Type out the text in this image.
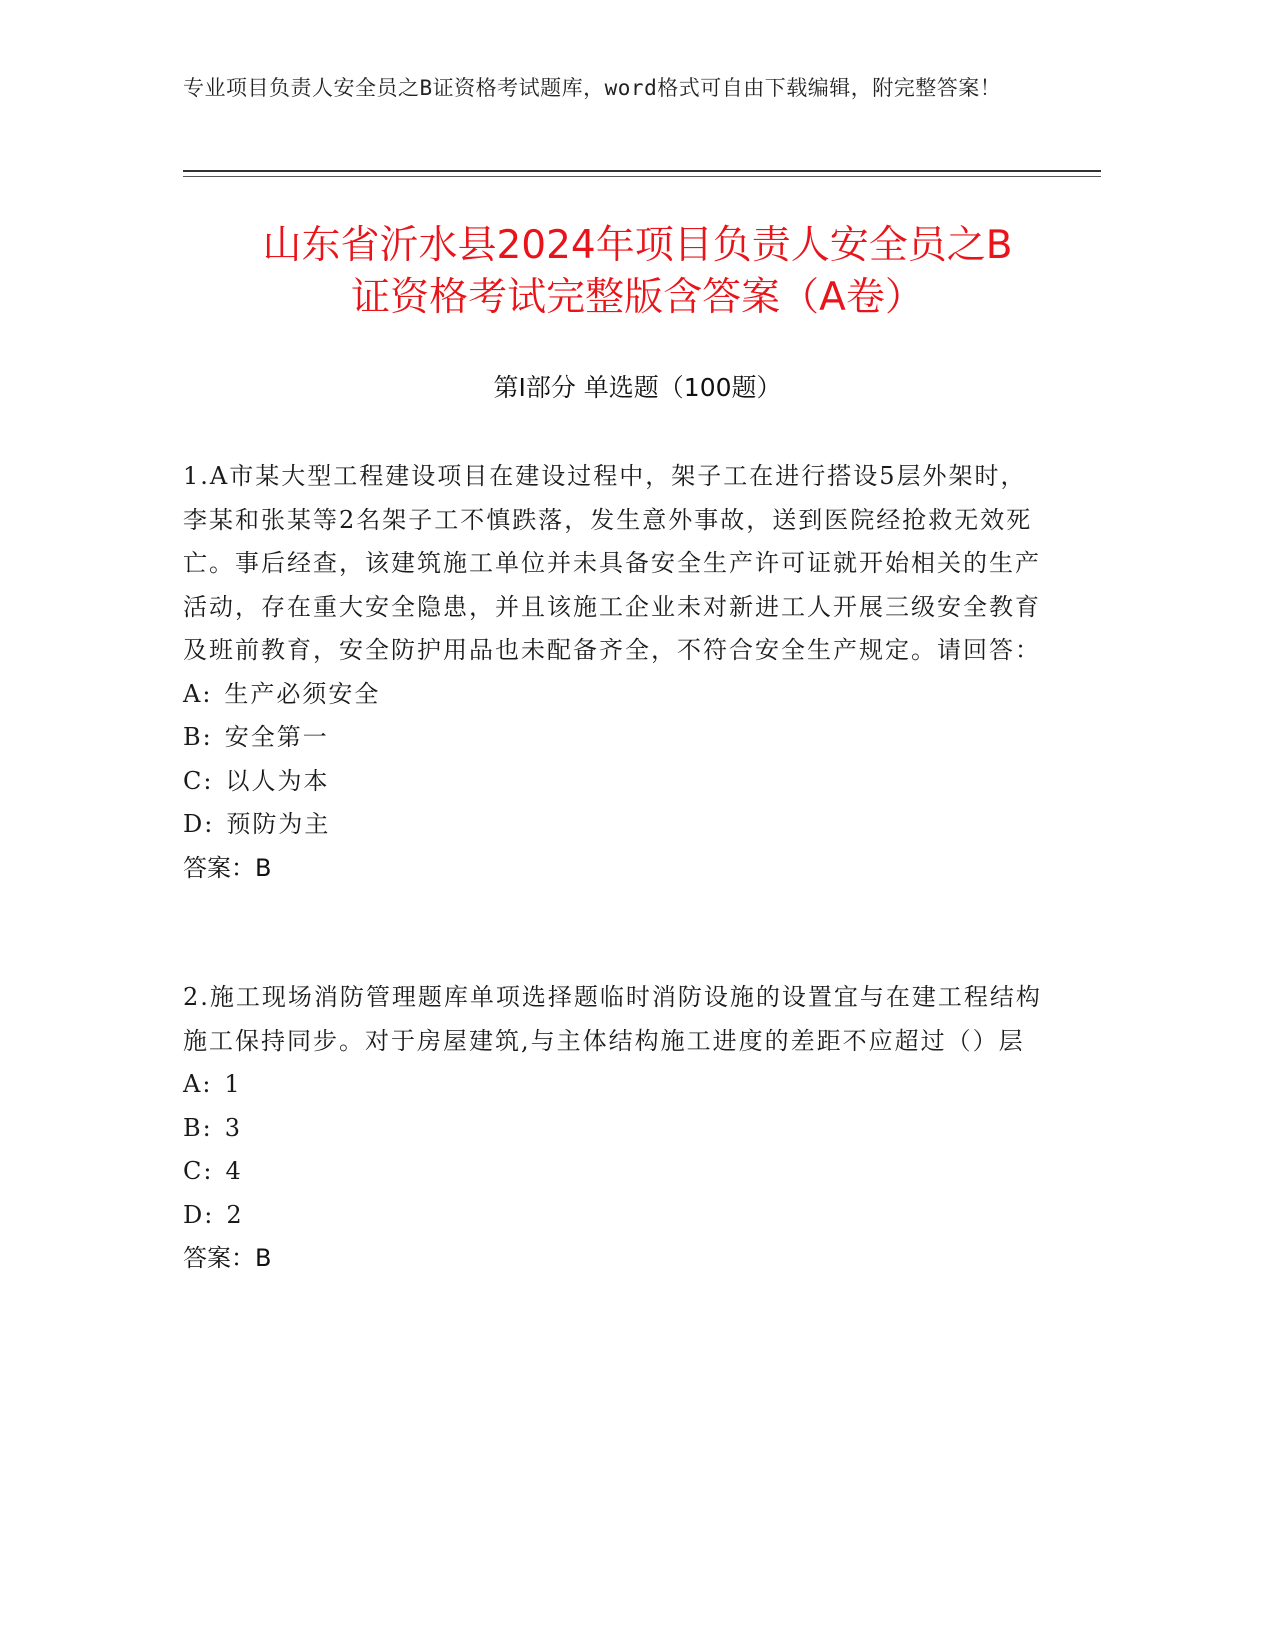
专业项目负责人安全员之B证资格考试题库，word格式可自由下载编辑，附完整答案！
山东省沂水县2024年项目负责人安全员之B
证资格考试完整版含答案（A卷）
第Ⅰ部分 单选题（100题）

1.A市某大型工程建设项目在建设过程中，架子工在进行搭设5层外架时，李某和张某等2名架子工不慎跌落，发生意外事故，送到医院经抢救无效死亡。事后经查，该建筑施工单位并未具备安全生产许可证就开始相关的生产活动，存在重大安全隐患，并且该施工企业未对新进工人开展三级安全教育及班前教育，安全防护用品也未配备齐全，不符合安全生产规定。请回答：

A: 生产必须安全

B: 安全第一

C: 以人为本

D: 预防为主

答案：B

2.施工现场消防管理题库单项选择题临时消防设施的设置宜与在建工程结构施工保持同步。对于房屋建筑,与主体结构施工进度的差距不应超过（）层

A: 1

B: 3

C: 4

D: 2

答案：B
